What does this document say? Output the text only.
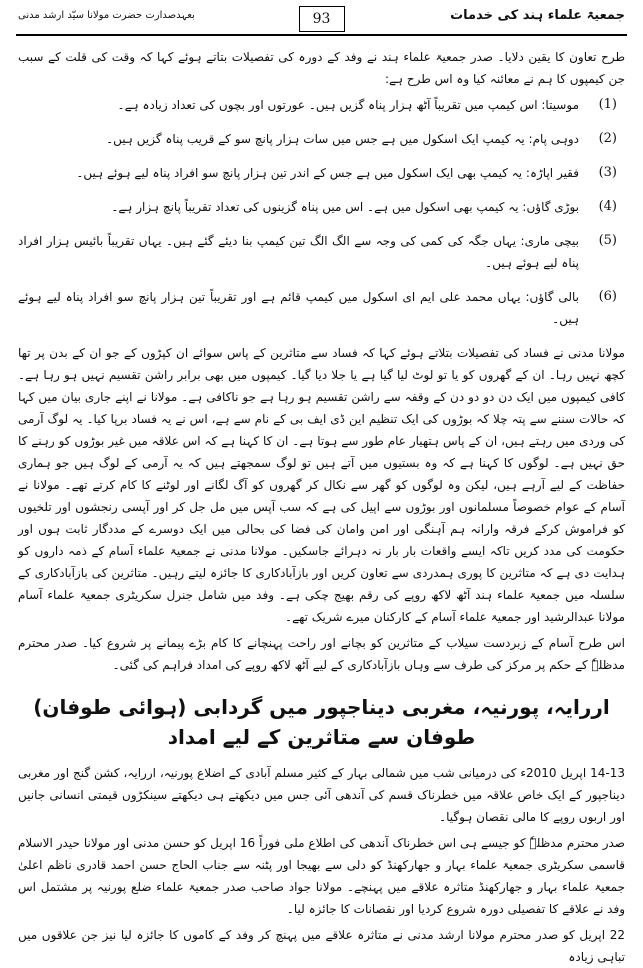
جمعیۃ علماء ہند کی خدمات
93
بعہدصدارت حضرت مولانا سیّد ارشد مدنی

طرح تعاون کا یقین دلایا۔ صدر جمعیۃ علماء ہند نے وفد کے دورہ کی تفصیلات بتاتے ہوئے کہا کہ وقت کی قلت کے سبب جن کیمپوں کا ہم نے معائنہ کیا وہ اس طرح ہے:

(1)
موسیتا: اس کیمپ میں تقریباً آٹھ ہزار پناہ گزیں ہیں۔ عورتوں اور بچوں کی تعداد زیادہ ہے۔
(2)
دوہی پام: یہ کیمپ ایک اسکول میں ہے جس میں سات ہزار پانچ سو کے قریب پناہ گزیں ہیں۔
(3)
فقیر اپاڑہ: یہ کیمپ بھی ایک اسکول میں ہے جس کے اندر تین ہزار پانچ سو افراد پناہ لیے ہوئے ہیں۔
(4)
بوڑی گاؤں: یہ کیمپ بھی اسکول میں ہے۔ اس میں پناہ گزینوں کی تعداد تقریباً پانچ ہزار ہے۔
(5)
بیچی ماری: یہاں جگہ کی کمی کی وجہ سے الگ الگ تین کیمپ بنا دیئے گئے ہیں۔ یہاں تقریباً بائیس ہزار افراد پناہ لیے ہوئے ہیں۔
(6)
بالی گاؤں: یہاں محمد علی ایم ای اسکول میں کیمپ قائم ہے اور تقریباً تین ہزار پانچ سو افراد پناہ لیے ہوئے ہیں۔

مولانا مدنی نے فساد کی تفصیلات بتلاتے ہوئے کہا کہ فساد سے متاثرین کے پاس سوائے ان کپڑوں کے جو ان کے بدن پر تھا کچھ نہیں رہا۔ ان کے گھروں کو یا تو لوٹ لیا گیا ہے یا جلا دیا گیا۔ کیمپوں میں بھی برابر راشن تقسیم نہیں ہو رہا ہے۔ کافی کیمپوں میں ایک دن دو دو دن کے وقفہ سے راشن تقسیم ہو رہا ہے جو ناکافی ہے۔ مولانا نے اپنے جاری بیان میں کہا کہ حالات سننے سے پتہ چلا کہ بوڑوں کی ایک تنظیم این ڈی ایف بی کے نام سے ہے، اس نے یہ فساد برپا کیا۔ یہ لوگ آرمی کی وردی میں رہتے ہیں، ان کے پاس ہتھیار عام طور سے ہوتا ہے۔ ان کا کہنا ہے کہ اس علاقہ میں غیر بوڑوں کو رہنے کا حق نہیں ہے۔ لوگوں کا کہنا ہے کہ وہ بستیوں میں آتے ہیں تو لوگ سمجھتے ہیں کہ یہ آرمی کے لوگ ہیں جو ہماری حفاظت کے لیے آرہے ہیں، لیکن وہ لوگوں کو گھر سے نکال کر گھروں کو آگ لگانے اور لوٹنے کا کام کرتے تھے۔ مولانا نے آسام کے عوام خصوصاً مسلمانوں اور بوڑوں سے اپیل کی ہے کہ سب آپس میں مل جل کر اور آپسی رنجشوں اور تلخیوں کو فراموش کرکے فرقہ وارانہ ہم آہنگی اور امن وامان کی فضا کی بحالی میں ایک دوسرے کے مددگار ثابت ہوں اور حکومت کی مدد کریں تاکہ ایسے واقعات بار بار نہ دہرائے جاسکیں۔ مولانا مدنی نے جمعیۃ علماء آسام کے ذمہ داروں کو ہدایت دی ہے کہ متاثرین کا پوری ہمدردی سے تعاون کریں اور بازآبادکاری کا جائزہ لیتے رہیں۔ متاثرین کی بازآبادکاری کے سلسلہ میں جمعیۃ علماء ہند آٹھ لاکھ روپے کی رقم بھیج چکی ہے۔ وفد میں شامل جنرل سکریٹری جمعیۃ علماء آسام مولانا عبدالرشید اور جمعیۃ علماء آسام کے کارکنان میرے شریک تھے۔

اس طرح آسام کے زبردست سیلاب کے متاثرین کو بچانے اور راحت پہنچانے کا کام بڑے پیمانے پر شروع کیا۔ صدر محترم مدظلہٗ کے حکم پر مرکز کی طرف سے وہاں بازآبادکاری کے لیے آٹھ لاکھ روپے کی امداد فراہم کی گئی۔

اررایہ، پورنیہ، مغربی دیناجپور میں گردابی (ہوائی طوفان) طوفان سے متاثرین کے لیے امداد

14-13 اپریل 2010ء کی درمیانی شب میں شمالی بہار کے کثیر مسلم آبادی کے اضلاع پورنیہ، اررایہ، کشن گنج اور مغربی دیناجپور کے ایک خاص علاقہ میں خطرناک قسم کی آندھی آئی جس میں دیکھتے ہی دیکھتے سینکڑوں قیمتی انسانی جانیں اور اربوں روپے کا مالی نقصان ہوگیا۔

صدر محترم مدظلہٗ کو جیسے ہی اس خطرناک آندھی کی اطلاع ملی فوراً 16 اپریل کو حسن مدنی اور مولانا حیدر الاسلام قاسمی سکریٹری جمعیۃ علماء بہار و جھارکھنڈ کو دلی سے بھیجا اور پٹنہ سے جناب الحاج حسن احمد قادری ناظم اعلیٰ جمعیۃ علماء بہار و جھارکھنڈ متاثرہ علاقے میں پہنچے۔ مولانا جواد صاحب صدر جمعیۃ علماء ضلع پورنیہ پر مشتمل اس وفد نے علاقے کا تفصیلی دورہ شروع کردیا اور نقصانات کا جائزہ لیا۔

22 اپریل کو صدر محترم مولانا ارشد مدنی نے متاثرہ علاقے میں پہنچ کر وفد کے کاموں کا جائزہ لیا نیز جن علاقوں میں تباہی زیادہ
